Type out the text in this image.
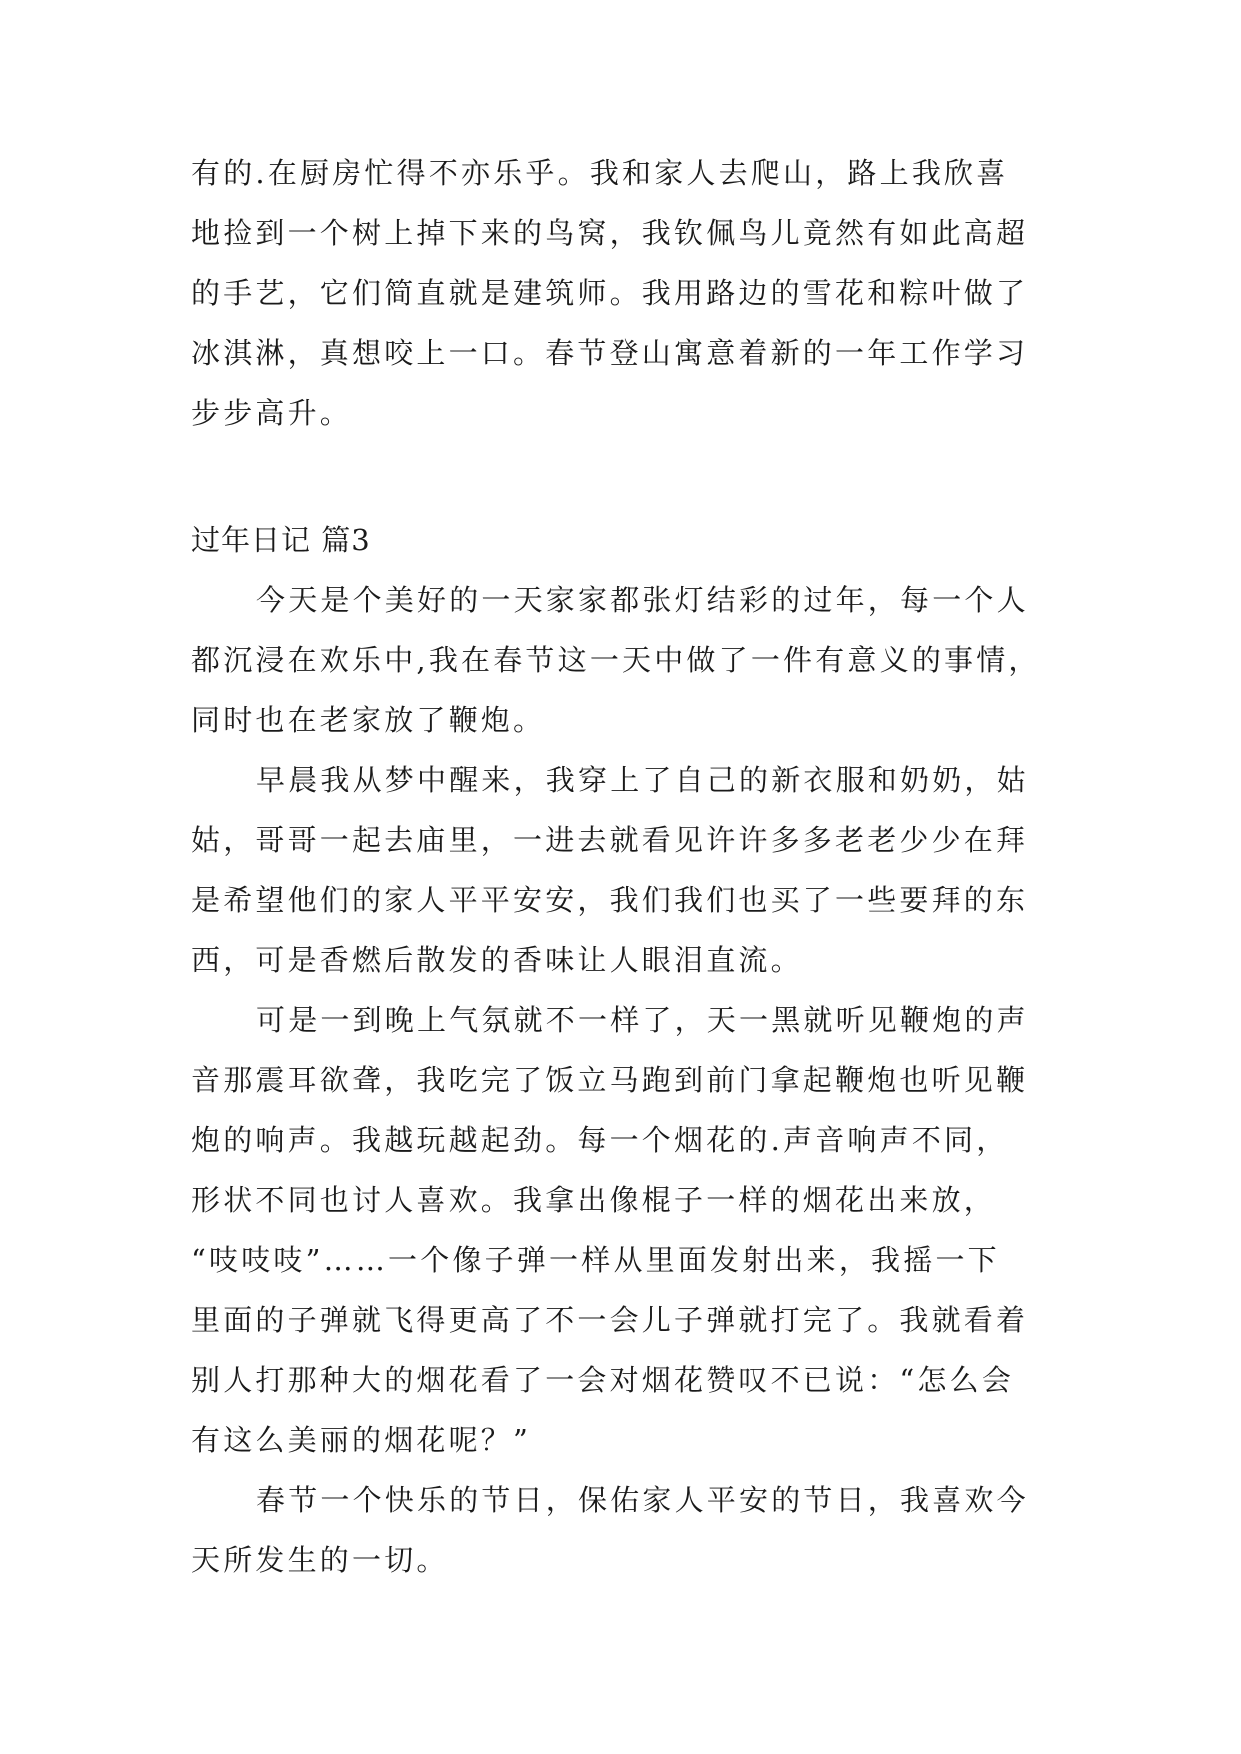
有的.在厨房忙得不亦乐乎。我和家人去爬山，路上我欣喜
地捡到一个树上掉下来的鸟窝，我钦佩鸟儿竟然有如此高超
的手艺，它们简直就是建筑师。我用路边的雪花和粽叶做了
冰淇淋，真想咬上一口。春节登山寓意着新的一年工作学习
步步高升。
过年日记 篇3
今天是个美好的一天家家都张灯结彩的过年，每一个人
都沉浸在欢乐中,我在春节这一天中做了一件有意义的事情，
同时也在老家放了鞭炮。
早晨我从梦中醒来，我穿上了自己的新衣服和奶奶，姑
姑，哥哥一起去庙里，一进去就看见许许多多老老少少在拜
是希望他们的家人平平安安，我们我们也买了一些要拜的东
西，可是香燃后散发的香味让人眼泪直流。
可是一到晚上气氛就不一样了，天一黑就听见鞭炮的声
音那震耳欲聋，我吃完了饭立马跑到前门拿起鞭炮也听见鞭
炮的响声。我越玩越起劲。每一个烟花的.声音响声不同，
形状不同也讨人喜欢。我拿出像棍子一样的烟花出来放，
“吱吱吱”……一个像子弹一样从里面发射出来，我摇一下
里面的子弹就飞得更高了不一会儿子弹就打完了。我就看着
别人打那种大的烟花看了一会对烟花赞叹不已说：“怎么会
有这么美丽的烟花呢？”
春节一个快乐的节日，保佑家人平安的节日，我喜欢今
天所发生的一切。
